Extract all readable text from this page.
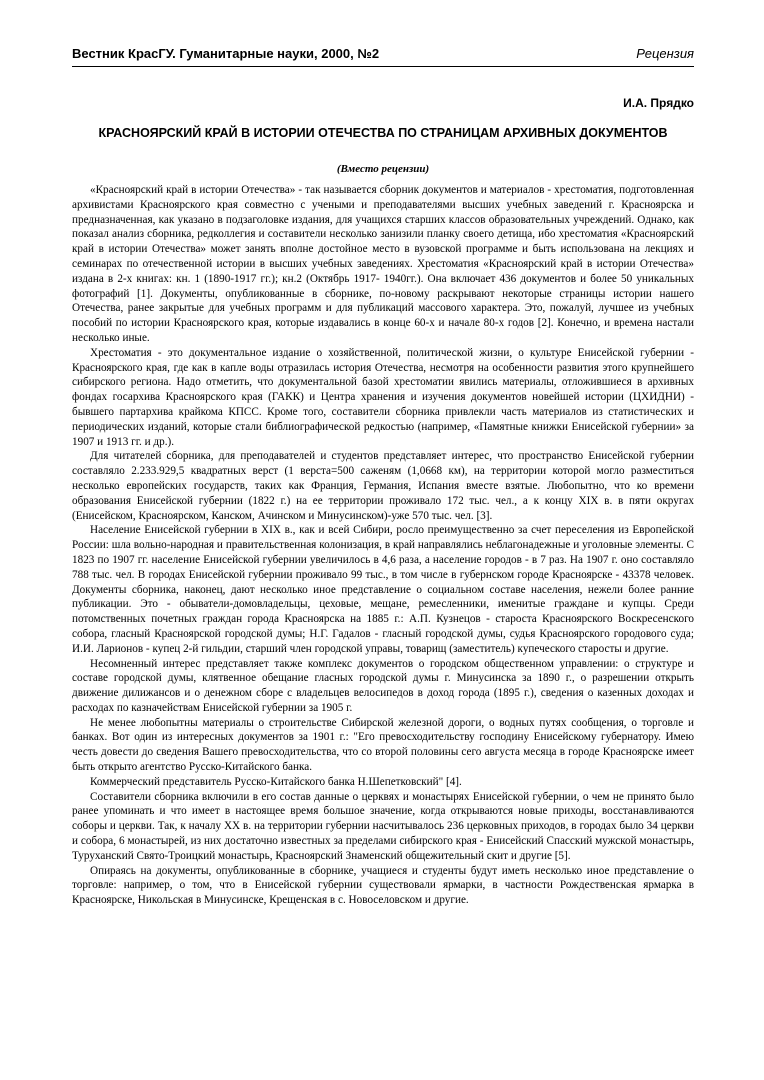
Вестник КрасГУ. Гуманитарные науки, 2000, №2	Рецензия
И.А. Прядко
КРАСНОЯРСКИЙ КРАЙ В ИСТОРИИ ОТЕЧЕСТВА ПО СТРАНИЦАМ АРХИВНЫХ ДОКУМЕНТОВ
(Вместо рецензии)

«Красноярский край в истории Отечества» - так называется сборник документов и материалов - хрестоматия, подготовленная архивистами Красноярского края совместно с учеными и преподавателями высших учебных заведений г. Красноярска и предназначенная, как указано в подзаголовке издания, для учащихся старших классов образовательных учреждений. Однако, как показал анализ сборника, редколлегия и составители несколько занизили планку своего детища, ибо хрестоматия «Красноярский край в истории Отечества» может занять вполне достойное место в вузовской программе и быть использована на лекциях и семинарах по отечественной истории в высших учебных заведениях. Хрестоматия «Красноярский край в истории Отечества» издана в 2-х книгах: кн. 1 (1890-1917 гг.); кн.2 (Октябрь 1917- 1940гг.). Она включает 436 документов и более 50 уникальных фотографий [1]. Документы, опубликованные в сборнике, по-новому раскрывают некоторые страницы истории нашего Отечества, ранее закрытые для учебных программ и для публикаций массового характера. Это, пожалуй, лучшее из учебных пособий по истории Красноярского края, которые издавались в конце 60-х и начале 80-х годов [2]. Конечно, и времена настали несколько иные.

Хрестоматия - это документальное издание о хозяйственной, политической жизни, о культуре Енисейской губернии - Красноярского края, где как в капле воды отразилась история Отечества, несмотря на особенности развития этого крупнейшего сибирского региона. Надо отметить, что документальной базой хрестоматии явились материалы, отложившиеся в архивных фондах госархива Красноярского края (ГАКК) и Центра хранения и изучения документов новейшей истории (ЦХИДНИ) - бывшего партархива крайкома КПСС. Кроме того, составители сборника привлекли часть материалов из статистических и периодических изданий, которые стали библиографической редкостью (например, «Памятные книжки Енисейской губернии» за 1907 и 1913 гг. и др.).

Для читателей сборника, для преподавателей и студентов представляет интерес, что пространство Енисейской губернии составляло 2.233.929,5 квадратных верст (1 верста=500 саженям (1,0668 км), на территории которой могло разместиться несколько европейских государств, таких как Франция, Германия, Испания вместе взятые. Любопытно, что ко времени образования Енисейской губернии (1822 г.) на ее территории проживало 172 тыс. чел., а к концу XIX в. в пяти округах (Енисейском, Красноярском, Канском, Ачинском и Минусинском)-уже 570 тыс. чел. [3].

Население Енисейской губернии в XIX в., как и всей Сибири, росло преимущественно за счет переселения из Европейской России: шла вольно-народная и правительственная колонизация, в край направлялись неблагонадежные и уголовные элементы. С 1823 по 1907 гг. население Енисейской губернии увеличилось в 4,6 раза, а население городов - в 7 раз. На 1907 г. оно составляло 788 тыс. чел. В городах Енисейской губернии проживало 99 тыс., в том числе в губернском городе Красноярске - 43378 человек. Документы сборника, наконец, дают несколько иное представление о социальном составе населения, нежели более ранние публикации. Это - обыватели-домовладельцы, цеховые, мещане, ремесленники, именитые граждане и купцы. Среди потомственных почетных граждан города Красноярска на 1885 г.: А.П. Кузнецов - староста Красноярского Воскресенского собора, гласный Красноярской городской думы; Н.Г. Гадалов - гласный городской думы, судья Красноярского городового суда; И.И. Ларионов - купец 2-й гильдии, старший член городской управы, товарищ (заместитель) купеческого старосты и другие.

Несомненный интерес представляет также комплекс документов о городском общественном управлении: о структуре и составе городской думы, клятвенное обещание гласных городской думы г. Минусинска за 1890 г., о разрешении открыть движение дилижансов и о денежном сборе с владельцев велосипедов в доход города (1895 г.), сведения о казенных доходах и расходах по казначействам Енисейской губернии за 1905 г.

Не менее любопытны материалы о строительстве Сибирской железной дороги, о водных путях сообщения, о торговле и банках. Вот один из интересных документов за 1901 г.: "Его превосходительству господину Енисейскому губернатору. Имею честь довести до сведения Вашего превосходительства, что со второй половины сего августа месяца в городе Красноярске имеет быть открыто агентство Русско-Китайского банка.

Коммерческий представитель Русско-Китайского банка Н.Шепетковский" [4].

Составители сборника включили в его состав данные о церквях и монастырях Енисейской губернии, о чем не принято было ранее упоминать и что имеет в настоящее время большое значение, когда открываются новые приходы, восстанавливаются соборы и церкви. Так, к началу XX в. на территории губернии насчитывалось 236 церковных приходов, в городах было 34 церкви и собора, 6 монастырей, из них достаточно известных за пределами сибирского края - Енисейский Спасский мужской монастырь, Туруханский Свято-Троицкий монастырь, Красноярский Знаменский общежительный скит и другие [5].

Опираясь на документы, опубликованные в сборнике, учащиеся и студенты будут иметь несколько иное представление о торговле: например, о том, что в Енисейской губернии существовали ярмарки, в частности Рождественская ярмарка в Красноярске, Никольская в Минусинске, Крещенская в с. Новоселовском и другие.
